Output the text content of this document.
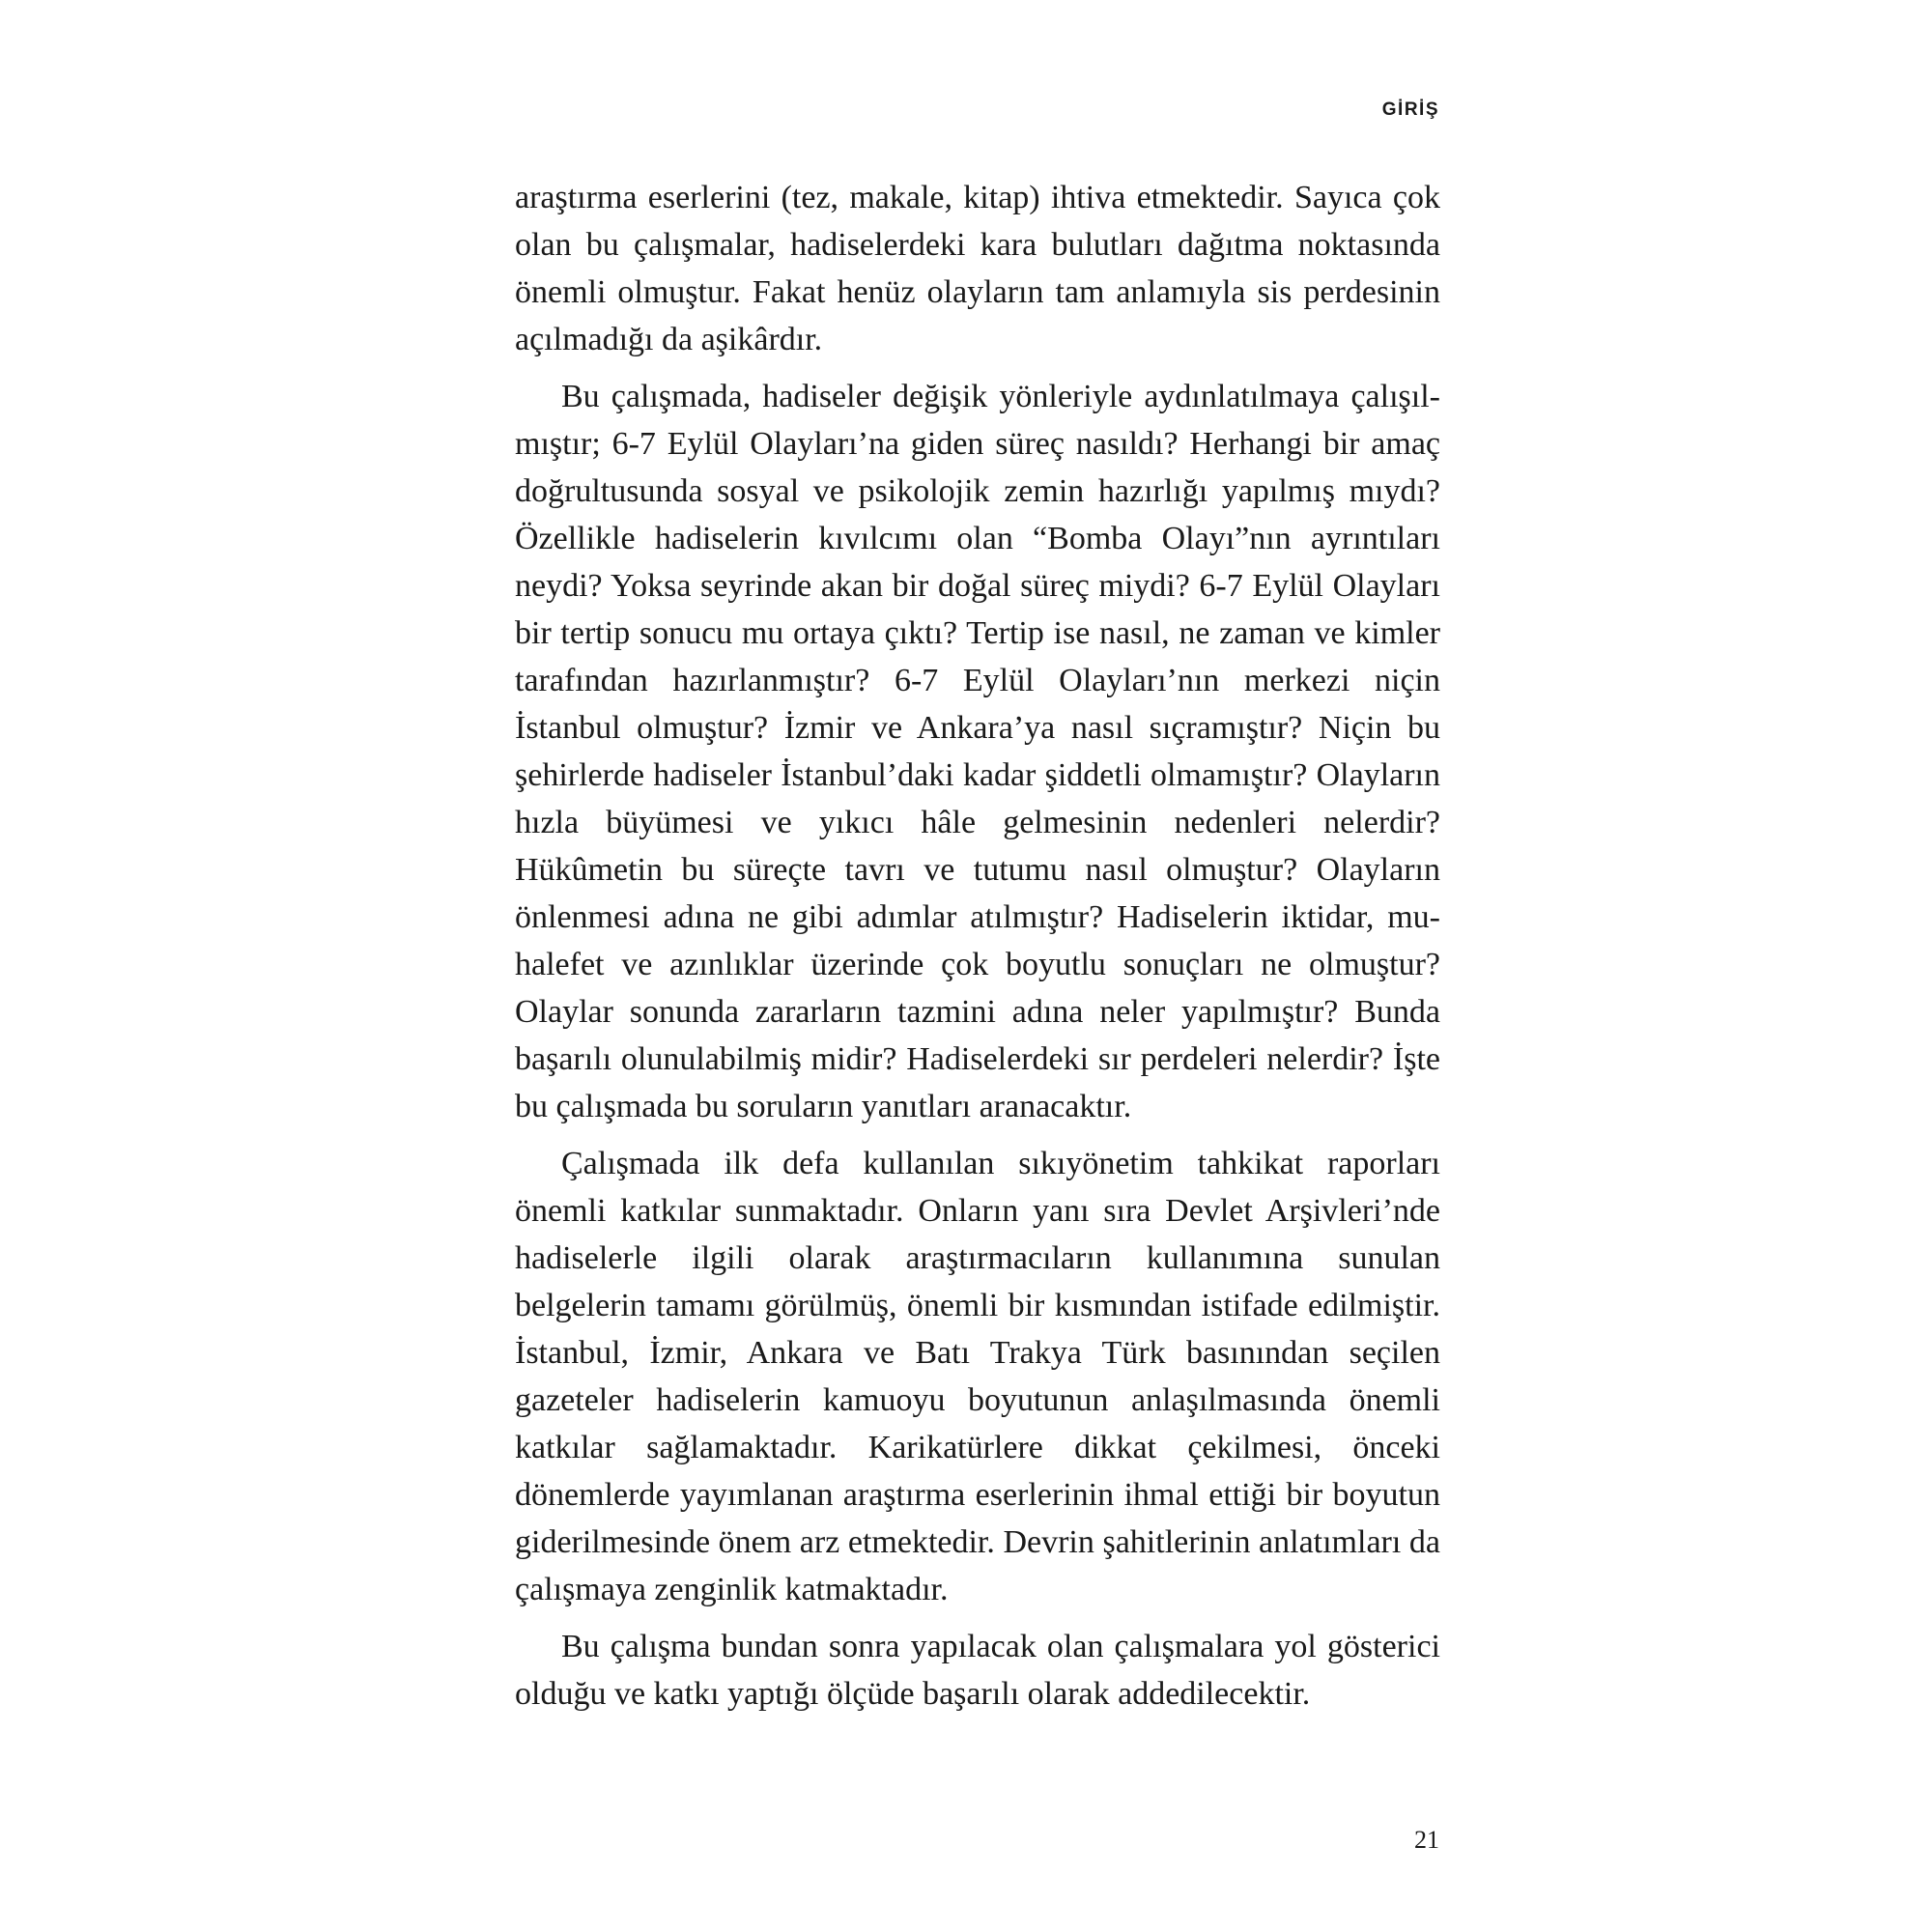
GİRİŞ

araştırma eserlerini (tez, makale, kitap) ihtiva etmektedir. Sayıca çok olan bu çalışmalar, hadiselerdeki kara bulutları dağıtma noktasında önemli olmuştur. Fakat henüz olayların tam anlamıyla sis perdesinin açılmadığı da aşikârdır.

Bu çalışmada, hadiseler değişik yönleriyle aydınlatılmaya çalışılmıştır; 6-7 Eylül Olayları’na giden süreç nasıldı? Herhangi bir amaç doğrultusunda sosyal ve psikolojik zemin hazırlığı yapılmış mıydı? Özellikle hadiselerin kıvılcımı olan “Bomba Olayı”nın ayrıntıları neydi? Yoksa seyrinde akan bir doğal süreç miydi? 6-7 Eylül Olayları bir tertip sonucu mu ortaya çıktı? Tertip ise nasıl, ne zaman ve kimler tarafından hazırlanmıştır? 6-7 Eylül Olayları’nın merkezi niçin İstanbul olmuştur? İzmir ve Ankara’ya nasıl sıçramıştır? Niçin bu şehirlerde hadiseler İstanbul’daki kadar şiddetli olmamıştır? Olayların hızla büyümesi ve yıkıcı hâle gelmesinin nedenleri nelerdir? Hükûmetin bu süreçte tavrı ve tutumu nasıl olmuştur? Olayların önlenmesi adına ne gibi adımlar atılmıştır? Hadiselerin iktidar, muhalefet ve azınlıklar üzerinde çok boyutlu sonuçları ne olmuştur? Olaylar sonunda zararların tazmini adına neler yapılmıştır? Bunda başarılı olunulabilmiş midir? Hadiselerdeki sır perdeleri nelerdir? İşte bu çalışmada bu soruların yanıtları aranacaktır.

Çalışmada ilk defa kullanılan sıkıyönetim tahkikat raporları önemli katkılar sunmaktadır. Onların yanı sıra Devlet Arşivleri’nde hadiselerle ilgili olarak araştırmacıların kullanımına sunulan belgelerin tamamı görülmüş, önemli bir kısmından istifade edilmiştir. İstanbul, İzmir, Ankara ve Batı Trakya Türk basınından seçilen gazeteler hadiselerin kamuoyu boyutunun anlaşılmasında önemli katkılar sağlamaktadır. Karikatürlere dikkat çekilmesi, önceki dönemlerde yayımlanan araştırma eserlerinin ihmal ettiği bir boyutun giderilmesinde önem arz etmektedir. Devrin şahitlerinin anlatımları da çalışmaya zenginlik katmaktadır.

Bu çalışma bundan sonra yapılacak olan çalışmalara yol gösterici olduğu ve katkı yaptığı ölçüde başarılı olarak addedilecektir.

21
